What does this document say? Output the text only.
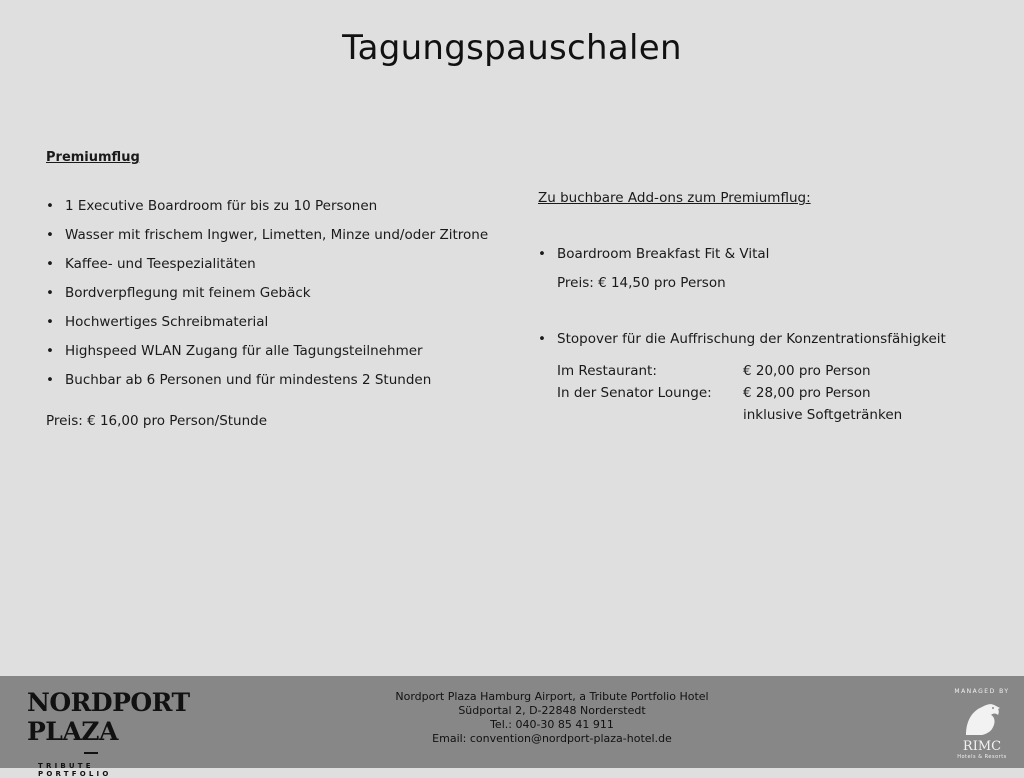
Tagungspauschalen
Premiumflug
• 1 Executive Boardroom für bis zu 10 Personen
• Wasser mit frischem Ingwer, Limetten, Minze und/oder Zitrone
• Kaffee- und Teespezialitäten
• Bordverpflegung mit feinem Gebäck
• Hochwertiges Schreibmaterial
• Highspeed WLAN Zugang für alle Tagungsteilnehmer
• Buchbar ab 6 Personen und für mindestens 2 Stunden
Preis: € 16,00 pro Person/Stunde
Zu buchbare Add-ons zum Premiumflug:
• Boardroom Breakfast Fit & Vital
Preis: € 14,50 pro Person
• Stopover für die Auffrischung der Konzentrationsfähigkeit
Im Restaurant:	€ 20,00 pro Person
In der Senator Lounge:	€ 28,00 pro Person
inklusive Softgetränken
NORDPORT PLAZA
TRIBUTE PORTFOLIO
Nordport Plaza Hamburg Airport, a Tribute Portfolio Hotel
Südportal 2, D-22848 Norderstedt
Tel.: 040-30 85 41 911
Email: convention@nordport-plaza-hotel.de
MANAGED BY
RIMC
Hotels & Resorts
